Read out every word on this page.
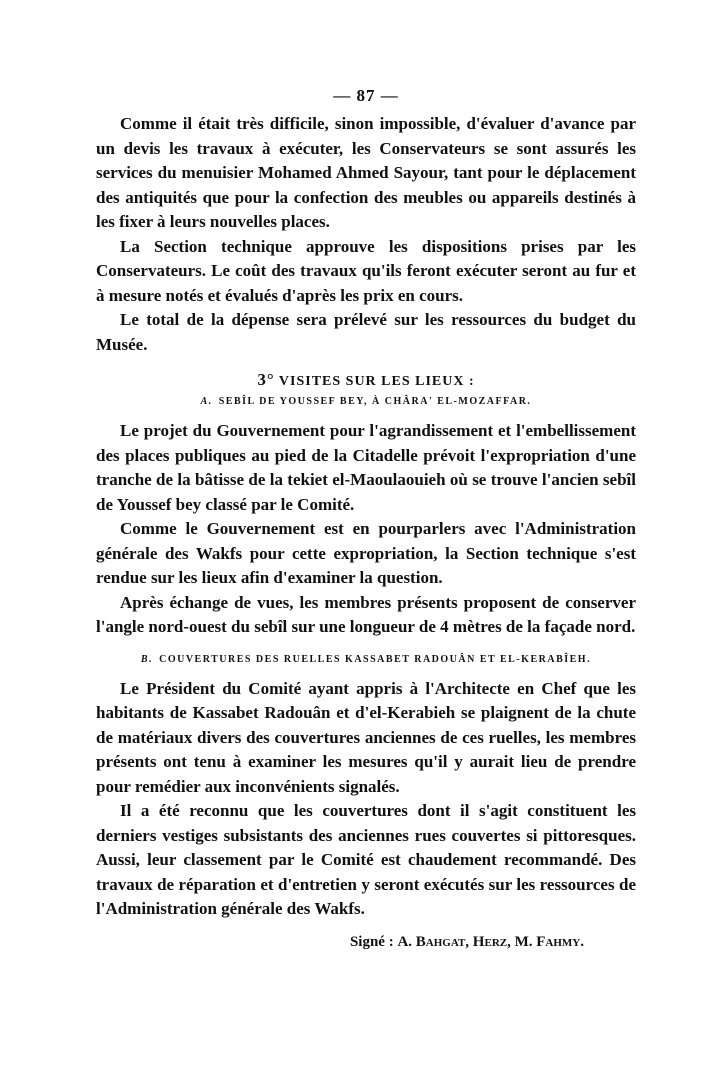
— 87 —

Comme il était très difficile, sinon impossible, d'évaluer d'avance par un devis les travaux à exécuter, les Conservateurs se sont assurés les services du menuisier Mohamed Ahmed Sayour, tant pour le déplacement des antiquités que pour la confection des meubles ou appareils destinés à les fixer à leurs nouvelles places.

La Section technique approuve les dispositions prises par les Conservateurs. Le coût des travaux qu'ils feront exécuter seront au fur et à mesure notés et évalués d'après les prix en cours.

Le total de la dépense sera prélevé sur les ressources du budget du Musée.

3° VISITES SUR LES LIEUX :
A. SEBÎL DE YOUSSEF BEY, À CHÂRA' EL-MOZAFFAR.

Le projet du Gouvernement pour l'agrandissement et l'embellissement des places publiques au pied de la Citadelle prévoit l'expropriation d'une tranche de la bâtisse de la tekiet el-Maoulaouieh où se trouve l'ancien sebîl de Youssef bey classé par le Comité.

Comme le Gouvernement est en pourparlers avec l'Administration générale des Wakfs pour cette expropriation, la Section technique s'est rendue sur les lieux afin d'examiner la question.

Après échange de vues, les membres présents proposent de conserver l'angle nord-ouest du sebîl sur une longueur de 4 mètres de la façade nord.

B. COUVERTURES DES RUELLES KASSABET RADOUÂN ET EL-KERABÎEH.

Le Président du Comité ayant appris à l'Architecte en Chef que les habitants de Kassabet Radouân et d'el-Kerabieh se plaignent de la chute de matériaux divers des couvertures anciennes de ces ruelles, les membres présents ont tenu à examiner les mesures qu'il y aurait lieu de prendre pour remédier aux inconvénients signalés.

Il a été reconnu que les couvertures dont il s'agit constituent les derniers vestiges subsistants des anciennes rues couvertes si pittoresques. Aussi, leur classement par le Comité est chaudement recommandé. Des travaux de réparation et d'entretien y seront exécutés sur les ressources de l'Administration générale des Wakfs.

Signé : A. Bahgat, Herz, M. Fahmy.
